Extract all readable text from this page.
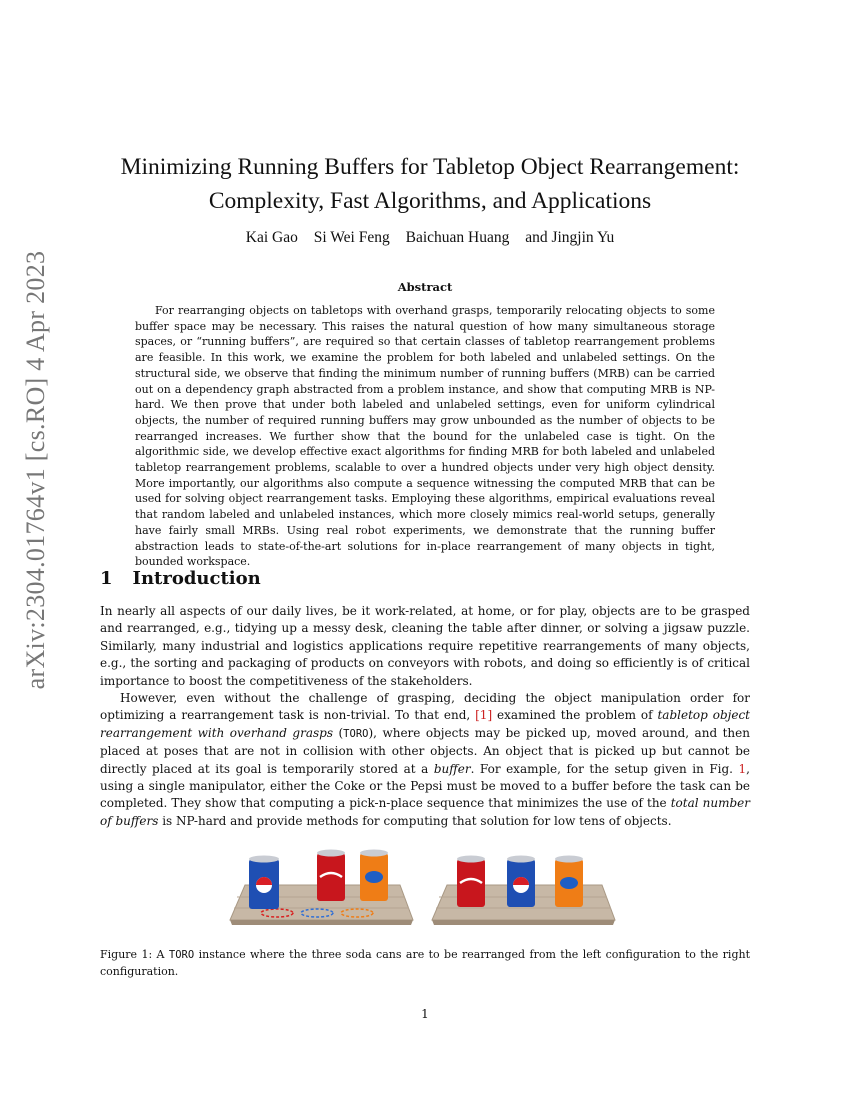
arXiv:2304.01764v1 [cs.RO] 4 Apr 2023
Minimizing Running Buffers for Tabletop Object Rearrangement:
Complexity, Fast Algorithms, and Applications
Kai Gao Si Wei Feng Baichuan Huang and Jingjin Yu
Abstract

For rearranging objects on tabletops with overhand grasps, temporarily relocating objects to some buffer space may be necessary. This raises the natural question of how many simultaneous storage spaces, or “running buffers”, are required so that certain classes of tabletop rearrangement problems are feasible. In this work, we examine the problem for both labeled and unlabeled settings. On the structural side, we observe that finding the minimum number of running buffers (MRB) can be carried out on a dependency graph abstracted from a problem instance, and show that computing MRB is NP-hard. We then prove that under both labeled and unlabeled settings, even for uniform cylindrical objects, the number of required running buffers may grow unbounded as the number of objects to be rearranged increases. We further show that the bound for the unlabeled case is tight. On the algorithmic side, we develop effective exact algorithms for finding MRB for both labeled and unlabeled tabletop rearrangement problems, scalable to over a hundred objects under very high object density. More importantly, our algorithms also compute a sequence witnessing the computed MRB that can be used for solving object rearrangement tasks. Employing these algorithms, empirical evaluations reveal that random labeled and unlabeled instances, which more closely mimics real-world setups, generally have fairly small MRBs. Using real robot experiments, we demonstrate that the running buffer abstraction leads to state-of-the-art solutions for in-place rearrangement of many objects in tight, bounded workspace.

1 Introduction

In nearly all aspects of our daily lives, be it work-related, at home, or for play, objects are to be grasped and rearranged, e.g., tidying up a messy desk, cleaning the table after dinner, or solving a jigsaw puzzle. Similarly, many industrial and logistics applications require repetitive rearrangements of many objects, e.g., the sorting and packaging of products on conveyors with robots, and doing so efficiently is of critical importance to boost the competitiveness of the stakeholders.

However, even without the challenge of grasping, deciding the object manipulation order for optimizing a rearrangement task is non-trivial. To that end, [1] examined the problem of tabletop object rearrangement with overhand grasps (TORO), where objects may be picked up, moved around, and then placed at poses that are not in collision with other objects. An object that is picked up but cannot be directly placed at its goal is temporarily stored at a buffer. For example, for the setup given in Fig. 1, using a single manipulator, either the Coke or the Pepsi must be moved to a buffer before the task can be completed. They show that computing a pick-n-place sequence that minimizes the use of the total number of buffers is NP-hard and provide methods for computing that solution for low tens of objects.

Figure 1: A TORO instance where the three soda cans are to be rearranged from the left configuration to the right configuration.
1
